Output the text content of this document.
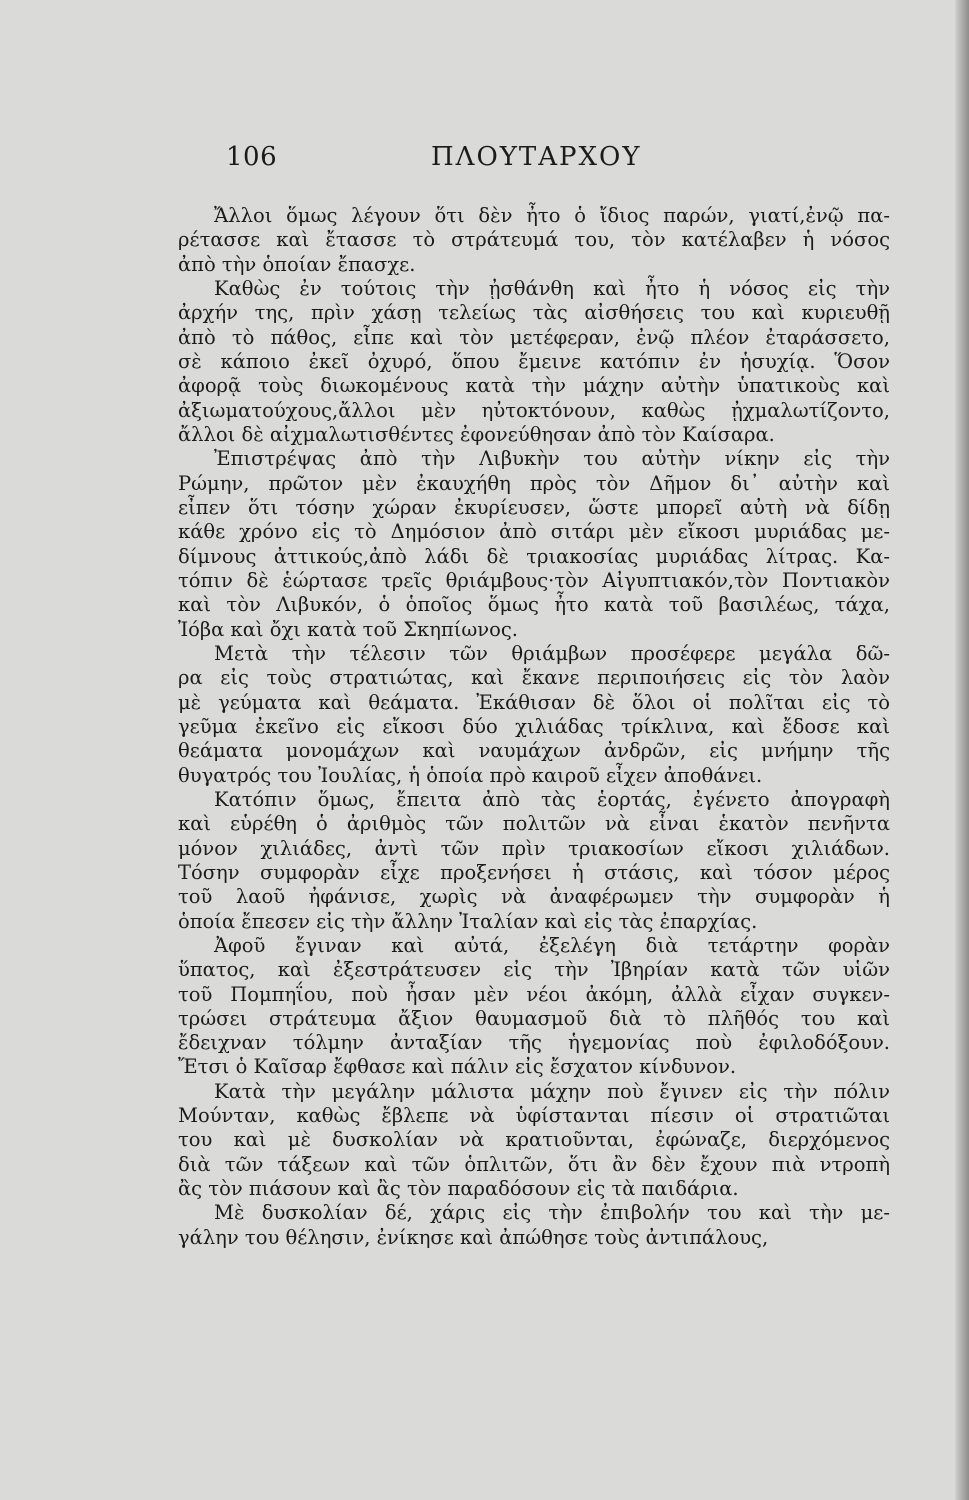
106	ΠΛΟΥΤΑΡΧΟΥ
Ἄλλοι ὅμως λέγουν ὅτι δὲν ἦτο ὁ ἴδιος παρών, γιατί,ἐνῷ πα-
ρέτασσε καὶ ἔτασσε τὸ στράτευμά του, τὸν κατέλαβεν ἡ νόσος
ἀπὸ τὴν ὁποίαν ἔπασχε.
Καθὼς ἐν τούτοις τὴν ᾐσθάνθη καὶ ἦτο ἡ νόσος εἰς τὴν
ἀρχήν της, πρὶν χάσῃ τελείως τὰς αἰσθήσεις του καὶ κυριευθῇ
ἀπὸ τὸ πάθος, εἶπε καὶ τὸν μετέφεραν, ἐνῷ πλέον ἐταράσσετο,
σὲ κάποιο ἐκεῖ ὀχυρό, ὅπου ἔμεινε κατόπιν ἐν ἡσυχίᾳ. Ὅσον
ἀφορᾷ τοὺς διωκομένους κατὰ τὴν μάχην αὐτὴν ὑπατικοὺς καὶ
ἀξιωματούχους,ἄλλοι μὲν ηὐτοκτόνουν, καθὼς ᾐχμαλωτίζοντο,
ἄλλοι δὲ αἰχμαλωτισθέντες ἐφονεύθησαν ἀπὸ τὸν Καίσαρα.
Ἐπιστρέψας ἀπὸ τὴν Λιβυκὴν του αὐτὴν νίκην εἰς τὴν
Ρώμην, πρῶτον μὲν ἐκαυχήθη πρὸς τὸν Δῆμον δι᾽ αὐτὴν καὶ
εἶπεν ὅτι τόσην χώραν ἐκυρίευσεν, ὥστε μπορεῖ αὐτὴ νὰ δίδῃ
κάθε χρόνο εἰς τὸ Δημόσιον ἀπὸ σιτάρι μὲν εἴκοσι μυριάδας με-
δίμνους ἀττικούς,ἀπὸ λάδι δὲ τριακοσίας μυριάδας λίτρας. Κα-
τόπιν δὲ ἑώρτασε τρεῖς θριάμβους·τὸν Αἰγυπτιακόν,τὸν Ποντιακὸν
καὶ τὸν Λιβυκόν, ὁ ὁποῖος ὅμως ἦτο κατὰ τοῦ βασιλέως, τάχα,
Ἰόβα καὶ ὄχι κατὰ τοῦ Σκηπίωνος.
Μετὰ τὴν τέλεσιν τῶν θριάμβων προσέφερε μεγάλα δῶ-
ρα εἰς τοὺς στρατιώτας, καὶ ἔκανε περιποιήσεις εἰς τὸν λαὸν
μὲ γεύματα καὶ θεάματα. Ἐκάθισαν δὲ ὅλοι οἱ πολῖται εἰς τὸ
γεῦμα ἐκεῖνο εἰς εἴκοσι δύο χιλιάδας τρίκλινα, καὶ ἔδοσε καὶ
θεάματα μονομάχων καὶ ναυμάχων ἀνδρῶν, εἰς μνήμην τῆς
θυγατρός του Ἰουλίας, ἡ ὁποία πρὸ καιροῦ εἶχεν ἀποθάνει.
Κατόπιν ὅμως, ἔπειτα ἀπὸ τὰς ἑορτάς, ἐγένετο ἀπογραφὴ
καὶ εὑρέθη ὁ ἀριθμὸς τῶν πολιτῶν νὰ εἶναι ἑκατὸν πενῆντα
μόνον χιλιάδες, ἀντὶ τῶν πρὶν τριακοσίων εἴκοσι χιλιάδων.
Τόσην συμφορὰν εἶχε προξενήσει ἡ στάσις, καὶ τόσον μέρος
τοῦ λαοῦ ἠφάνισε, χωρὶς νὰ ἀναφέρωμεν τὴν συμφορὰν ἡ
ὁποία ἔπεσεν εἰς τὴν ἄλλην Ἰταλίαν καὶ εἰς τὰς ἐπαρχίας.
Ἀφοῦ ἔγιναν καὶ αὐτά, ἐξελέγη διὰ τετάρτην φορὰν
ὕπατος, καὶ ἐξεστράτευσεν εἰς τὴν Ἰβηρίαν κατὰ τῶν υἱῶν
τοῦ Πομπηΐου, ποὺ ἦσαν μὲν νέοι ἀκόμη, ἀλλὰ εἶχαν συγκεν-
τρώσει στράτευμα ἄξιον θαυμασμοῦ διὰ τὸ πλῆθός του καὶ
ἔδειχναν τόλμην ἀνταξίαν τῆς ἡγεμονίας ποὺ ἐφιλοδόξουν.
Ἔτσι ὁ Καῖσαρ ἔφθασε καὶ πάλιν εἰς ἔσχατον κίνδυνον.
Κατὰ τὴν μεγάλην μάλιστα μάχην ποὺ ἔγινεν εἰς τὴν πόλιν
Μούνταν, καθὼς ἔβλεπε νὰ ὑφίστανται πίεσιν οἱ στρατιῶται
του καὶ μὲ δυσκολίαν νὰ κρατιοῦνται, ἐφώναζε, διερχόμενος
διὰ τῶν τάξεων καὶ τῶν ὁπλιτῶν, ὅτι ἂν δὲν ἔχουν πιὰ ντροπὴ
ἂς τὸν πιάσουν καὶ ἂς τὸν παραδόσουν εἰς τὰ παιδάρια.
Μὲ δυσκολίαν δέ, χάρις εἰς τὴν ἐπιβολήν του καὶ τὴν με-
γάλην του θέλησιν, ἐνίκησε καὶ ἀπώθησε τοὺς ἀντιπάλους,
